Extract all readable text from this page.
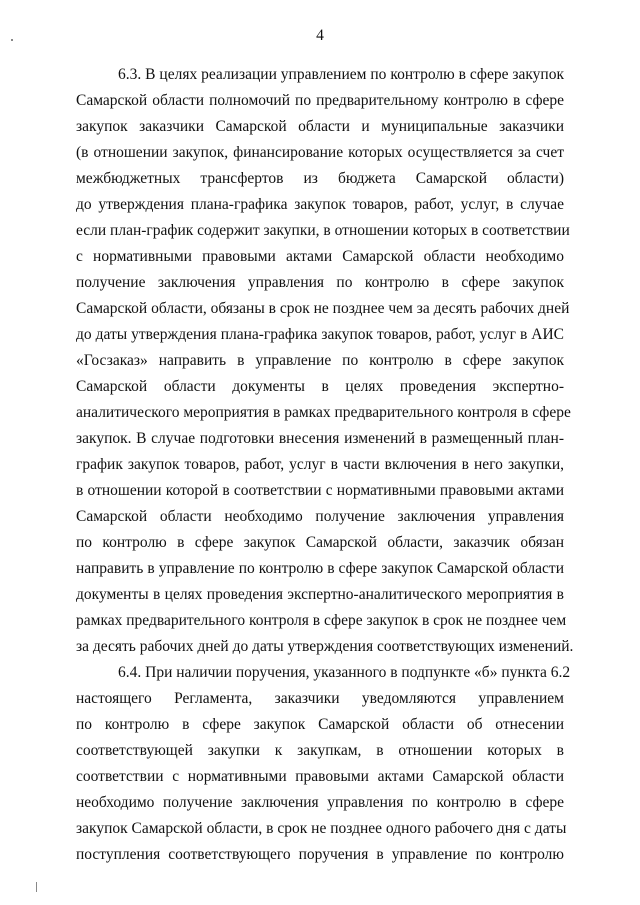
4
6.3. В целях реализации управлением по контролю в сфере закупок
Самарской области полномочий по предварительному контролю в сфере
закупок заказчики Самарской области и муниципальные заказчики
(в отношении закупок, финансирование которых осуществляется за счет
межбюджетных трансфертов из бюджета Самарской области)
до утверждения плана-графика закупок товаров, работ, услуг, в случае
если план-график содержит закупки, в отношении которых в соответствии
с нормативными правовыми актами Самарской области необходимо
получение заключения управления по контролю в сфере закупок
Самарской области, обязаны в срок не позднее чем за десять рабочих дней
до даты утверждения плана-графика закупок товаров, работ, услуг в АИС
«Госзаказ» направить в управление по контролю в сфере закупок
Самарской области документы в целях проведения экспертно-
аналитического мероприятия в рамках предварительного контроля в сфере
закупок. В случае подготовки внесения изменений в размещенный план-
график закупок товаров, работ, услуг в части включения в него закупки,
в отношении которой в соответствии с нормативными правовыми актами
Самарской области необходимо получение заключения управления
по контролю в сфере закупок Самарской области, заказчик обязан
направить в управление по контролю в сфере закупок Самарской области
документы в целях проведения экспертно-аналитического мероприятия в
рамках предварительного контроля в сфере закупок в срок не позднее чем
за десять рабочих дней до даты утверждения соответствующих изменений.
6.4. При наличии поручения, указанного в подпункте «б» пункта 6.2
настоящего Регламента, заказчики уведомляются управлением
по контролю в сфере закупок Самарской области об отнесении
соответствующей закупки к закупкам, в отношении которых в
соответствии с нормативными правовыми актами Самарской области
необходимо получение заключения управления по контролю в сфере
закупок Самарской области, в срок не позднее одного рабочего дня с даты
поступления соответствующего поручения в управление по контролю
